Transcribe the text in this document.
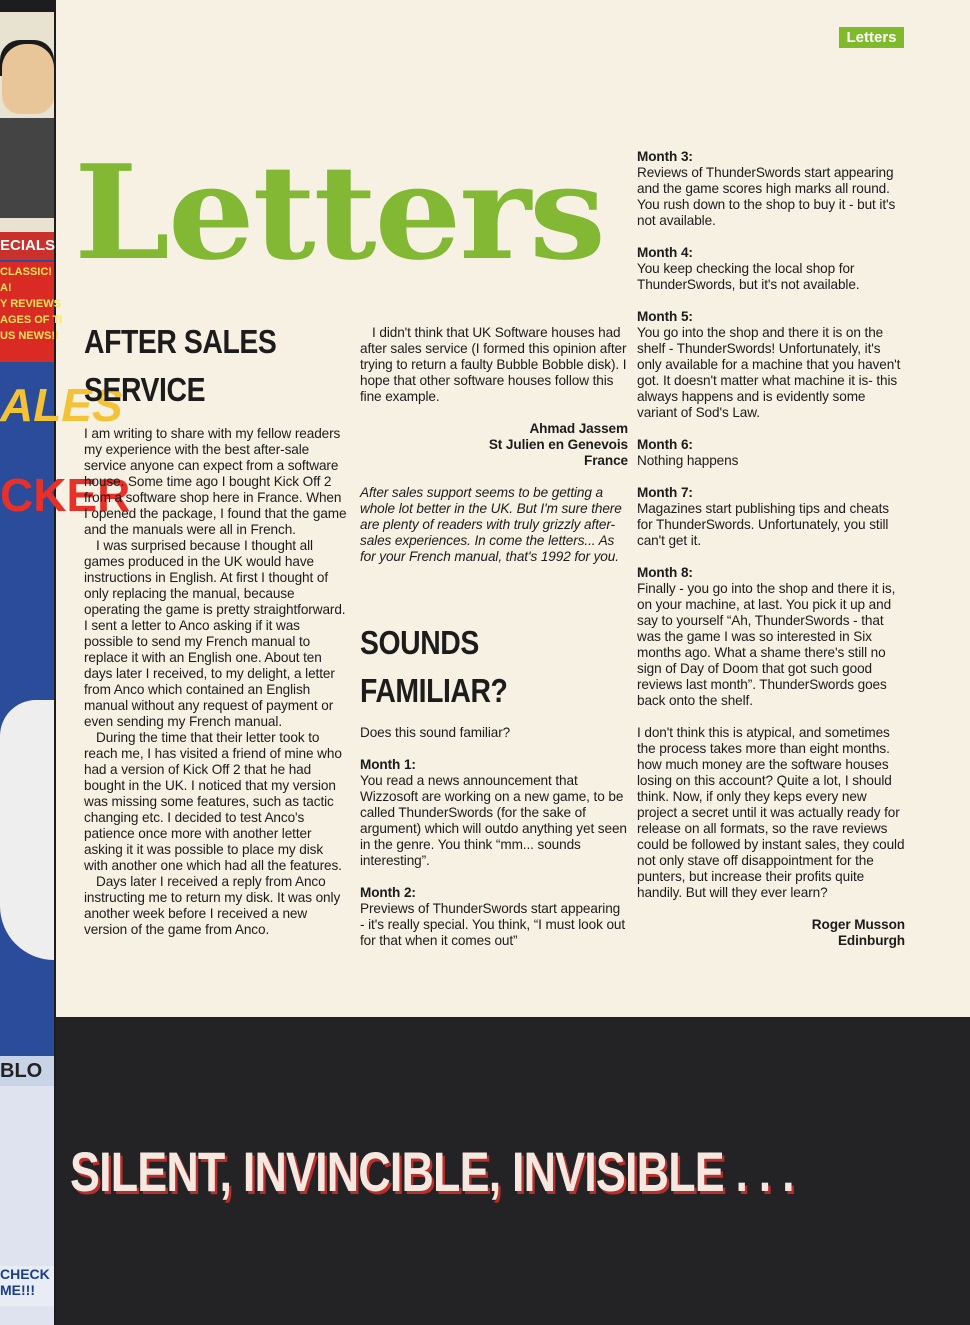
ECIALS
CLASSIC!
A!
Y REVIEWS
AGES OF TI
US NEWS!!
ALES
CKER
BLO
CHECK
ME!!!
Letters
Letters
AFTER SALES
SERVICE

I am writing to share with my fellow readers my experience with the best after-sale service anyone can expect from a software house. Some time ago I bought Kick Off 2 from a software shop here in France. When I opened the package, I found that the game and the manuals were all in French.

I was surprised because I thought all games produced in the UK would have instructions in English. At first I thought of only replacing the manual, because operating the game is pretty straightforward. I sent a letter to Anco asking if it was possible to send my French manual to replace it with an English one. About ten days later I received, to my delight, a letter from Anco which contained an English manual without any request of payment or even sending my French manual.

During the time that their letter took to reach me, I has visited a friend of mine who had a version of Kick Off 2 that he had bought in the UK. I noticed that my version was missing some features, such as tactic changing etc. I decided to test Anco's patience once more with another letter asking it it was possible to place my disk with another one which had all the features.

Days later I received a reply from Anco instructing me to return my disk. It was only another week before I received a new version of the game from Anco.

I didn't think that UK Software houses had after sales service (I formed this opinion after trying to return a faulty Bubble Bobble disk). I hope that other software houses follow this fine example.

Ahmad Jassem
St Julien en Genevois
France

After sales support seems to be getting a whole lot better in the UK. But I'm sure there are plenty of readers with truly grizzly after-sales experiences. In come the letters... As for your French manual, that's 1992 for you.

SOUNDS
FAMILIAR?

Does this sound familiar?

Month 1:

You read a news announcement that Wizzosoft are working on a new game, to be called ThunderSwords (for the sake of argument) which will outdo anything yet seen in the genre. You think “mm... sounds interesting”.

Month 2:

Previews of ThunderSwords start appearing - it's really special. You think, “I must look out for that when it comes out”

Month 3:

Reviews of ThunderSwords start appearing and the game scores high marks all round. You rush down to the shop to buy it - but it's not available.

Month 4:

You keep checking the local shop for ThunderSwords, but it's not available.

Month 5:

You go into the shop and there it is on the shelf - ThunderSwords! Unfortunately, it's only available for a machine that you haven't got. It doesn't matter what machine it is- this always happens and is evidently some variant of Sod's Law.

Month 6:

Nothing happens

Month 7:

Magazines start publishing tips and cheats for ThunderSwords. Unfortunately, you still can't get it.

Month 8:

Finally - you go into the shop and there it is, on your machine, at last. You pick it up and say to yourself “Ah, ThunderSwords - that was the game I was so interested in Six months ago. What a shame there's still no sign of Day of Doom that got such good reviews last month”. ThunderSwords goes back onto the shelf.

I don't think this is atypical, and sometimes the process takes more than eight months. how much money are the software houses losing on this account? Quite a lot, I should think. Now, if only they keps every new project a secret until it was actually ready for release on all formats, so the rave reviews could be followed by instant sales, they could not only stave off disappointment for the punters, but increase their profits quite handily. But will they ever learn?

Roger Musson
Edinburgh
SILENT, INVINCIBLE, INVISIBLE . . .
